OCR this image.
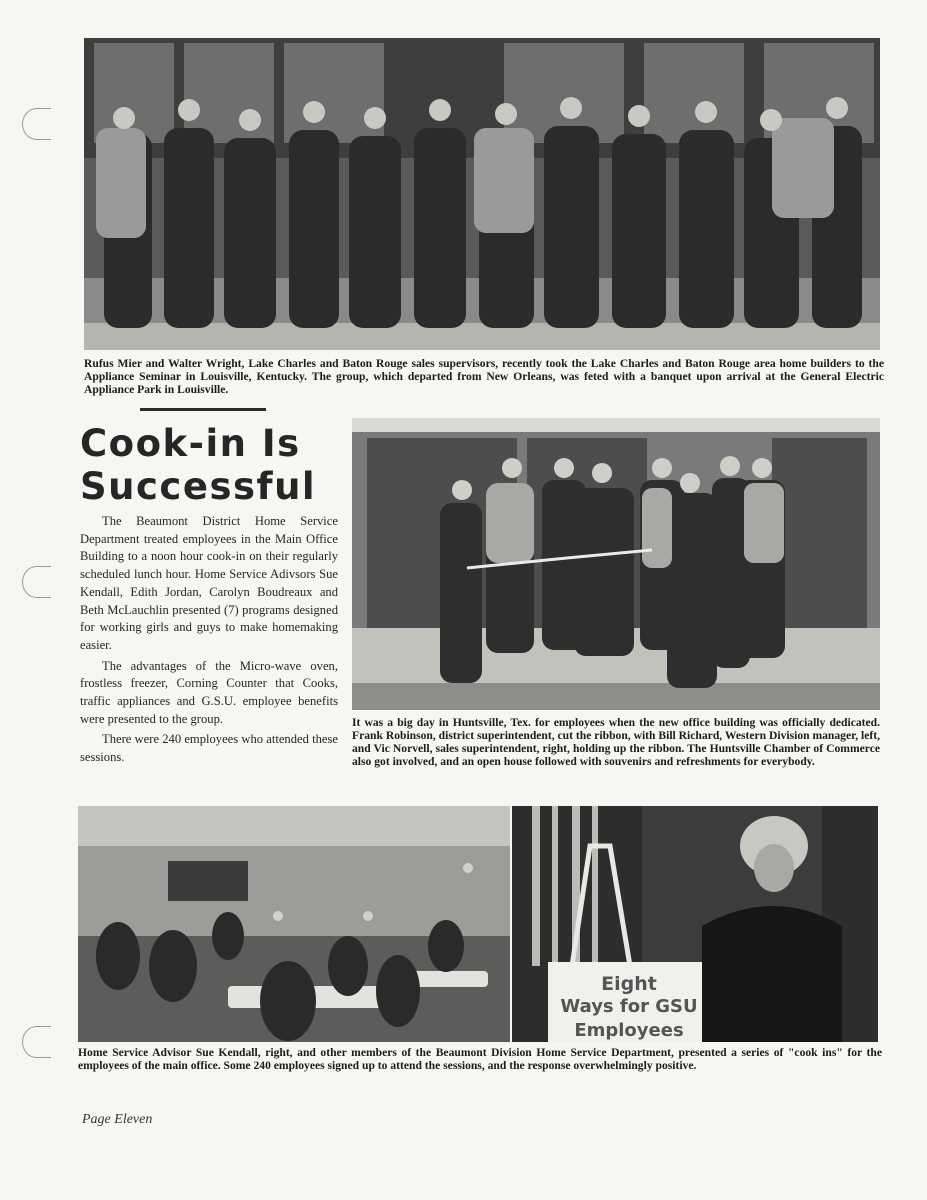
Rufus Mier and Walter Wright, Lake Charles and Baton Rouge sales supervisors, recently took the Lake Charles and Baton Rouge area home builders to the Appliance Seminar in Louisville, Kentucky. The group, which departed from New Orleans, was feted with a banquet upon arrival at the General Electric Appliance Park in Louisville.

Cook-in Is
Successful

The Beaumont District Home Service Department treated employees in the Main Office Building to a noon hour cook-in on their regularly scheduled lunch hour. Home Service Adivsors Sue Kendall, Edith Jordan, Carolyn Boudreaux and Beth McLauchlin presented (7) programs designed for working girls and guys to make homemaking easier.

The advantages of the Micro-wave oven, frostless freezer, Corning Counter that Cooks, traffic appliances and G.S.U. employee benefits were presented to the group.

There were 240 employees who attended these sessions.

It was a big day in Huntsville, Tex. for employees when the new office building was officially dedicated. Frank Robinson, district superintendent, cut the ribbon, with Bill Richard, Western Division manager, left, and Vic Norvell, sales superintendent, right, holding up the ribbon. The Huntsville Chamber of Commerce also got involved, and an open house followed with souvenirs and refreshments for everybody.

Eight
Ways for GSU
Employees

Home Service Advisor Sue Kendall, right, and other members of the Beaumont Division Home Service Department, presented a series of "cook ins" for the employees of the main office. Some 240 employees signed up to attend the sessions, and the response overwhelmingly positive.

Page Eleven
